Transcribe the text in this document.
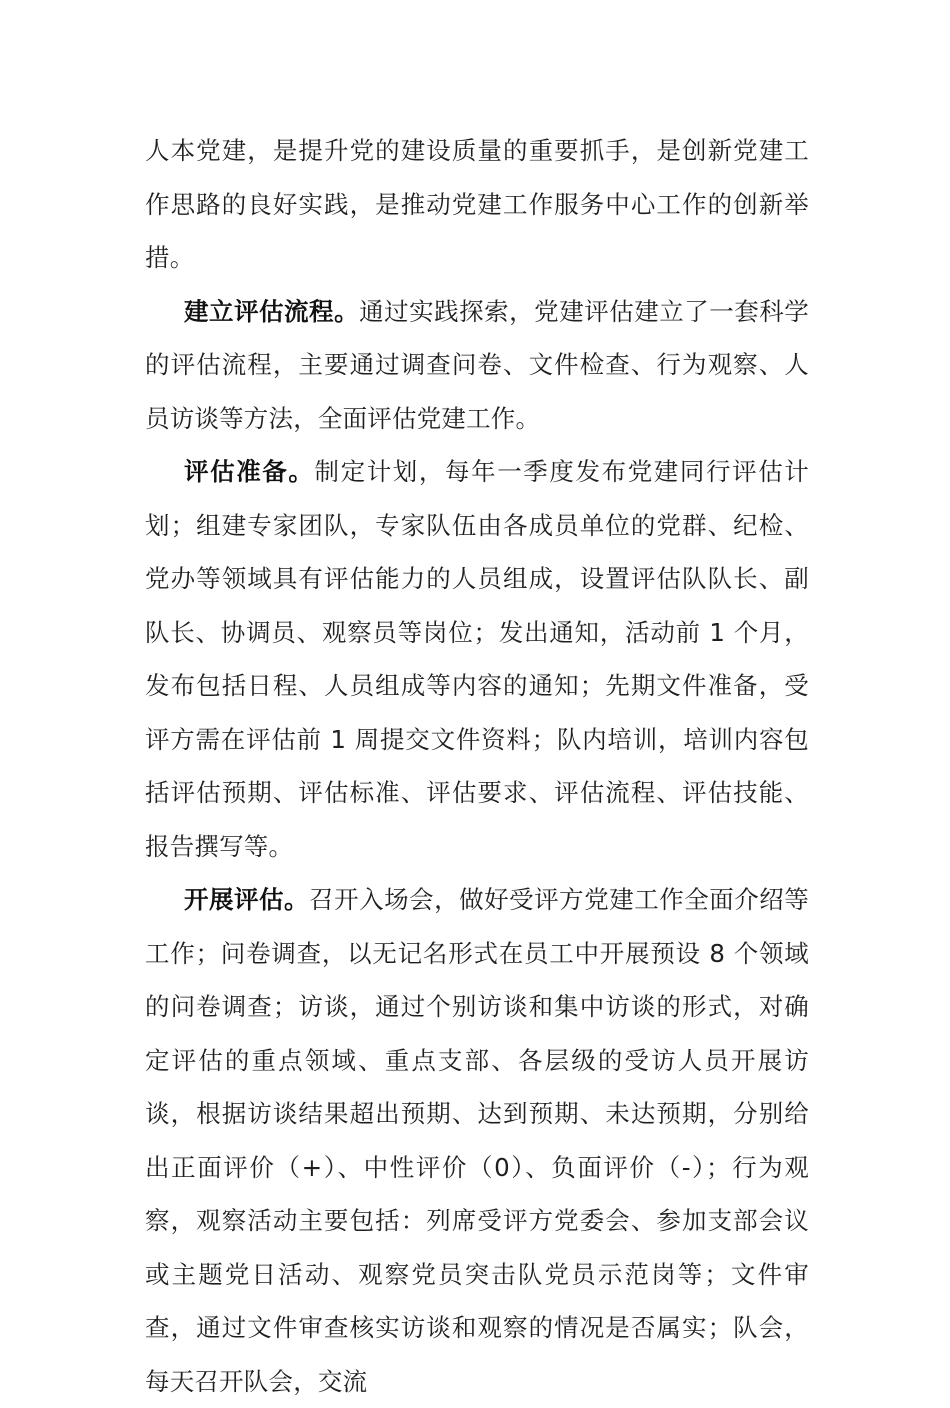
人本党建，是提升党的建设质量的重要抓手，是创新党建工作思路的良好实践，是推动党建工作服务中心工作的创新举措。

建立评估流程。通过实践探索，党建评估建立了一套科学的评估流程，主要通过调查问卷、文件检查、行为观察、人员访谈等方法，全面评估党建工作。

评估准备。制定计划，每年一季度发布党建同行评估计划；组建专家团队，专家队伍由各成员单位的党群、纪检、党办等领域具有评估能力的人员组成，设置评估队队长、副队长、协调员、观察员等岗位；发出通知，活动前 1 个月，发布包括日程、人员组成等内容的通知；先期文件准备，受评方需在评估前 1 周提交文件资料；队内培训，培训内容包括评估预期、评估标准、评估要求、评估流程、评估技能、报告撰写等。

开展评估。召开入场会，做好受评方党建工作全面介绍等工作；问卷调查，以无记名形式在员工中开展预设 8 个领域的问卷调查；访谈，通过个别访谈和集中访谈的形式，对确定评估的重点领域、重点支部、各层级的受访人员开展访谈，根据访谈结果超出预期、达到预期、未达预期，分别给出正面评价（+）、中性评价（0）、负面评价（-）；行为观察，观察活动主要包括：列席受评方党委会、参加支部会议或主题党日活动、观察党员突击队党员示范岗等；文件审查，通过文件审查核实访谈和观察的情况是否属实；队会，每天召开队会，交流
